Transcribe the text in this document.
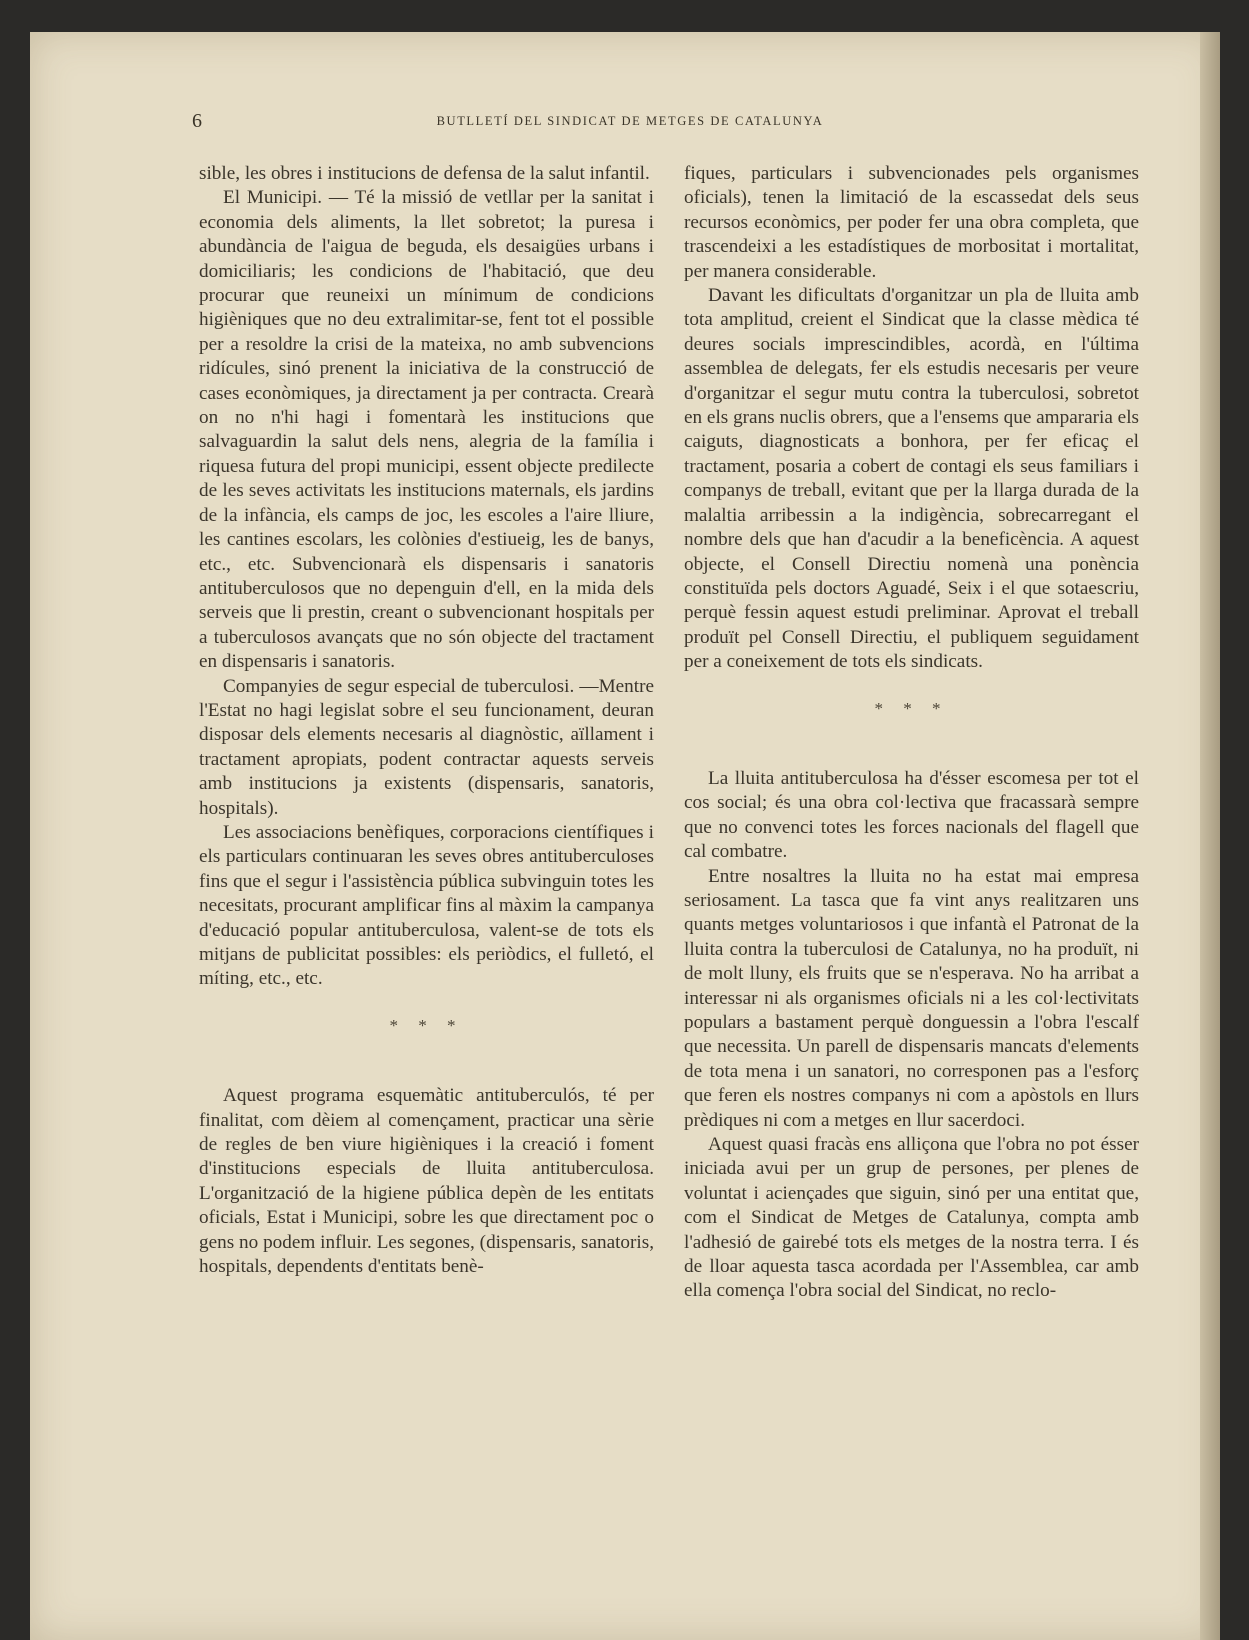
6	BUTLLETÍ DEL SINDICAT DE METGES DE CATALUNYA

sible, les obres i institucions de defensa de la salut infantil.

El Municipi. — Té la missió de vetllar per la sanitat i economia dels aliments, la llet sobretot; la puresa i abundància de l'aigua de beguda, els desaigües urbans i domiciliaris; les condicions de l'habitació, que deu procurar que reuneixi un mínimum de condicions higièniques que no deu extralimitar-se, fent tot el possible per a resoldre la crisi de la mateixa, no amb subvencions ridícules, sinó prenent la iniciativa de la construcció de cases econòmiques, ja directament ja per contracta. Crearà on no n'hi hagi i fomentarà les institucions que salvaguardin la salut dels nens, alegria de la família i riquesa futura del propi municipi, essent objecte predilecte de les seves activitats les institucions maternals, els jardins de la infància, els camps de joc, les escoles a l'aire lliure, les cantines escolars, les colònies d'estiueig, les de banys, etc., etc. Subvencionarà els dispensaris i sanatoris antituberculosos que no depenguin d'ell, en la mida dels serveis que li prestin, creant o subvencionant hospitals per a tuberculosos avançats que no són objecte del tractament en dispensaris i sanatoris.

Companyies de segur especial de tuberculosi. —Mentre l'Estat no hagi legislat sobre el seu funcionament, deuran disposar dels elements necesaris al diagnòstic, aïllament i tractament apropiats, podent contractar aquests serveis amb institucions ja existents (dispensaris, sanatoris, hospitals).

Les associacions benèfiques, corporacions científiques i els particulars continuaran les seves obres antituberculoses fins que el segur i l'assistència pública subvinguin totes les necesitats, procurant amplificar fins al màxim la campanya d'educació popular antituberculosa, valent-se de tots els mitjans de publicitat possibles: els periòdics, el fulletó, el míting, etc., etc.

* * *

Aquest programa esquemàtic antituberculós, té per finalitat, com dèiem al començament, practicar una sèrie de regles de ben viure higièniques i la creació i foment d'institucions especials de lluita antituberculosa. L'organització de la higiene pública depèn de les entitats oficials, Estat i Municipi, sobre les que directament poc o gens no podem influir. Les segones, (dispensaris, sanatoris, hospitals, dependents d'entitats benè-

fiques, particulars i subvencionades pels organismes oficials), tenen la limitació de la escassedat dels seus recursos econòmics, per poder fer una obra completa, que trascendeixi a les estadístiques de morbositat i mortalitat, per manera considerable.

Davant les dificultats d'organitzar un pla de lluita amb tota amplitud, creient el Sindicat que la classe mèdica té deures socials imprescindibles, acordà, en l'última assemblea de delegats, fer els estudis necesaris per veure d'organitzar el segur mutu contra la tuberculosi, sobretot en els grans nuclis obrers, que a l'ensems que ampararia els caiguts, diagnosticats a bonhora, per fer eficaç el tractament, posaria a cobert de contagi els seus familiars i companys de treball, evitant que per la llarga durada de la malaltia arribessin a la indigència, sobrecarregant el nombre dels que han d'acudir a la beneficència. A aquest objecte, el Consell Directiu nomenà una ponència constituïda pels doctors Aguadé, Seix i el que sotaescriu, perquè fessin aquest estudi preliminar. Aprovat el treball produït pel Consell Directiu, el publiquem seguidament per a coneixement de tots els sindicats.

* * *

La lluita antituberculosa ha d'ésser escomesa per tot el cos social; és una obra col·lectiva que fracassarà sempre que no convenci totes les forces nacionals del flagell que cal combatre.

Entre nosaltres la lluita no ha estat mai empresa seriosament. La tasca que fa vint anys realitzaren uns quants metges voluntariosos i que infantà el Patronat de la lluita contra la tuberculosi de Catalunya, no ha produït, ni de molt lluny, els fruits que se n'esperava. No ha arribat a interessar ni als organismes oficials ni a les col·lectivitats populars a bastament perquè donguessin a l'obra l'escalf que necessita. Un parell de dispensaris mancats d'elements de tota mena i un sanatori, no corresponen pas a l'esforç que feren els nostres companys ni com a apòstols en llurs prèdiques ni com a metges en llur sacerdoci.

Aquest quasi fracàs ens alliçona que l'obra no pot ésser iniciada avui per un grup de persones, per plenes de voluntat i aciençades que siguin, sinó per una entitat que, com el Sindicat de Metges de Catalunya, compta amb l'adhesió de gairebé tots els metges de la nostra terra. I és de lloar aquesta tasca acordada per l'Assemblea, car amb ella comença l'obra social del Sindicat, no reclo-
